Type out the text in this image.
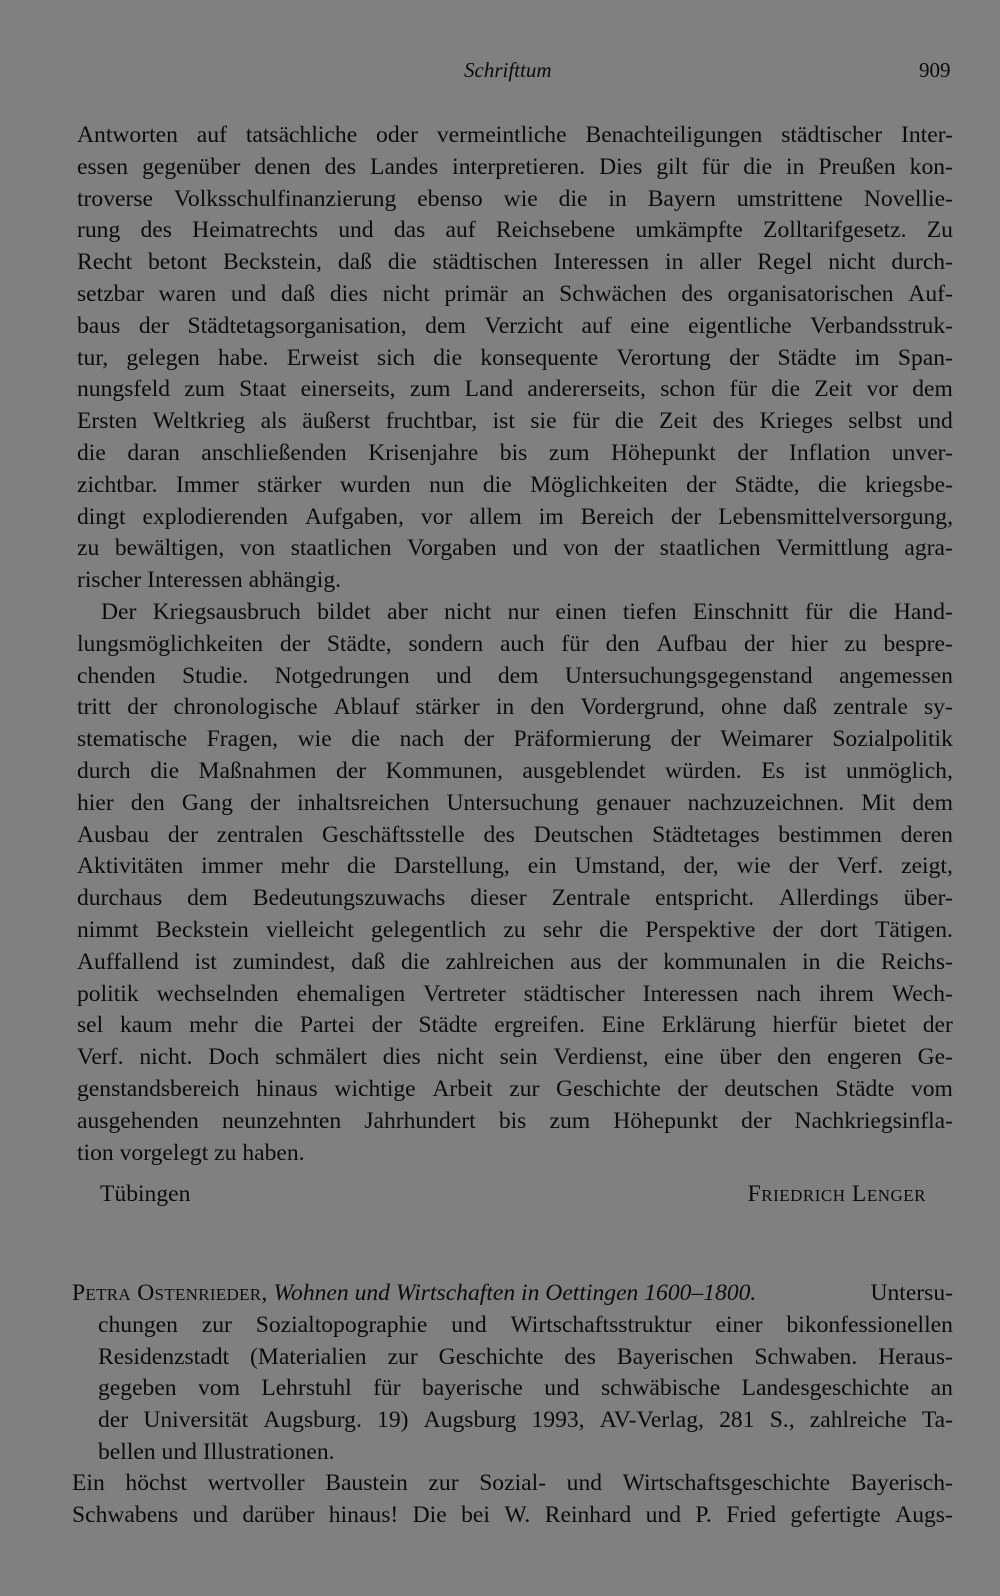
Schrifttum	909
Antworten auf tatsächliche oder vermeintliche Benachteiligungen städtischer Inter-
essen gegenüber denen des Landes interpretieren. Dies gilt für die in Preußen kon-
troverse Volksschulfinanzierung ebenso wie die in Bayern umstrittene Novellie-
rung des Heimatrechts und das auf Reichsebene umkämpfte Zolltarifgesetz. Zu
Recht betont Beckstein, daß die städtischen Interessen in aller Regel nicht durch-
setzbar waren und daß dies nicht primär an Schwächen des organisatorischen Auf-
baus der Städtetagsorganisation, dem Verzicht auf eine eigentliche Verbandsstruk-
tur, gelegen habe. Erweist sich die konsequente Verortung der Städte im Span-
nungsfeld zum Staat einerseits, zum Land andererseits, schon für die Zeit vor dem
Ersten Weltkrieg als äußerst fruchtbar, ist sie für die Zeit des Krieges selbst und
die daran anschließenden Krisenjahre bis zum Höhepunkt der Inflation unver-
zichtbar. Immer stärker wurden nun die Möglichkeiten der Städte, die kriegsbe-
dingt explodierenden Aufgaben, vor allem im Bereich der Lebensmittelversorgung,
zu bewältigen, von staatlichen Vorgaben und von der staatlichen Vermittlung agra-
rischer Interessen abhängig.
Der Kriegsausbruch bildet aber nicht nur einen tiefen Einschnitt für die Hand-
lungsmöglichkeiten der Städte, sondern auch für den Aufbau der hier zu bespre-
chenden Studie. Notgedrungen und dem Untersuchungsgegenstand angemessen
tritt der chronologische Ablauf stärker in den Vordergrund, ohne daß zentrale sy-
stematische Fragen, wie die nach der Präformierung der Weimarer Sozialpolitik
durch die Maßnahmen der Kommunen, ausgeblendet würden. Es ist unmöglich,
hier den Gang der inhaltsreichen Untersuchung genauer nachzuzeichnen. Mit dem
Ausbau der zentralen Geschäftsstelle des Deutschen Städtetages bestimmen deren
Aktivitäten immer mehr die Darstellung, ein Umstand, der, wie der Verf. zeigt,
durchaus dem Bedeutungszuwachs dieser Zentrale entspricht. Allerdings über-
nimmt Beckstein vielleicht gelegentlich zu sehr die Perspektive der dort Tätigen.
Auffallend ist zumindest, daß die zahlreichen aus der kommunalen in die Reichs-
politik wechselnden ehemaligen Vertreter städtischer Interessen nach ihrem Wech-
sel kaum mehr die Partei der Städte ergreifen. Eine Erklärung hierfür bietet der
Verf. nicht. Doch schmälert dies nicht sein Verdienst, eine über den engeren Ge-
genstandsbereich hinaus wichtige Arbeit zur Geschichte der deutschen Städte vom
ausgehenden neunzehnten Jahrhundert bis zum Höhepunkt der Nachkriegsinfla-
tion vorgelegt zu haben.
Tübingen	Friedrich Lenger
Petra Ostenrieder, Wohnen und Wirtschaften in Oettingen 1600–1800.	Untersu-
chungen zur Sozialtopographie und Wirtschaftsstruktur einer bikonfessionellen
Residenzstadt (Materialien zur Geschichte des Bayerischen Schwaben. Heraus-
gegeben vom Lehrstuhl für bayerische und schwäbische Landesgeschichte an
der Universität Augsburg. 19) Augsburg 1993, AV-Verlag, 281 S., zahlreiche Ta-
bellen und Illustrationen.
Ein höchst wertvoller Baustein zur Sozial- und Wirtschaftsgeschichte Bayerisch-
Schwabens und darüber hinaus! Die bei W. Reinhard und P. Fried gefertigte Augs-
